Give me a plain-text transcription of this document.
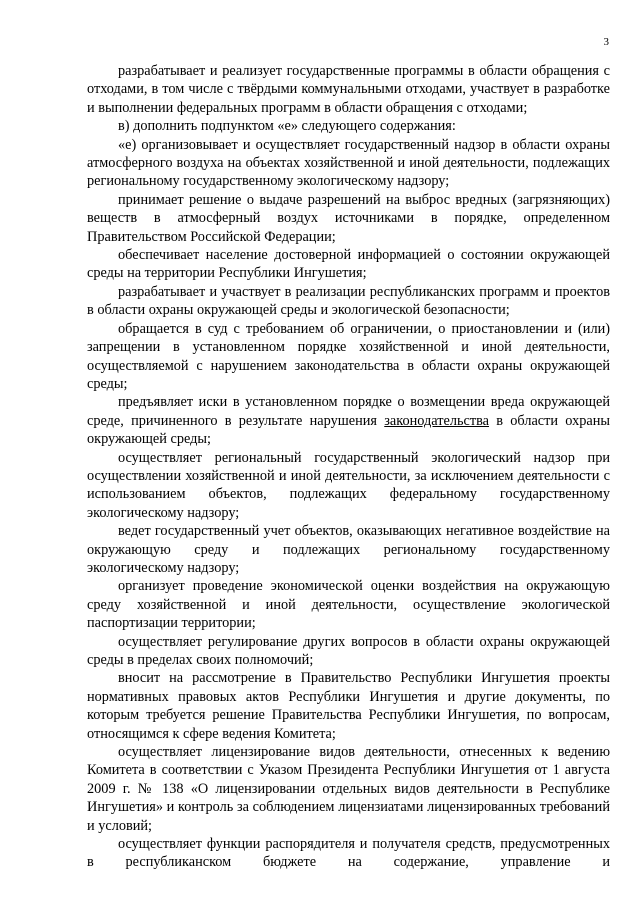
3

разрабатывает и реализует государственные программы в области обращения с отходами, в том числе с твёрдыми коммунальными отходами, участвует в разработке и выполнении федеральных программ в области обращения с отходами;

в) дополнить подпунктом «е» следующего содержания:

«е) организовывает и осуществляет государственный надзор в области охраны атмосферного воздуха на объектах хозяйственной и иной деятельности, подлежащих региональному государственному экологическому надзору;

принимает решение о выдаче разрешений на выброс вредных (загрязняющих) веществ в атмосферный воздух источниками в порядке, определенном Правительством Российской Федерации;

обеспечивает население достоверной информацией о состоянии окружающей среды на территории Республики Ингушетия;

разрабатывает и участвует в реализации республиканских программ и проектов в области охраны окружающей среды и экологической безопасности;

обращается в суд с требованием об ограничении, о приостановлении и (или) запрещении в установленном порядке хозяйственной и иной деятельности, осуществляемой с нарушением законодательства в области охраны окружающей среды;

предъявляет иски в установленном порядке о возмещении вреда окружающей среде, причиненного в результате нарушения законодательства в области охраны окружающей среды;

осуществляет региональный государственный экологический надзор при осуществлении хозяйственной и иной деятельности, за исключением деятельности с использованием объектов, подлежащих федеральному государственному экологическому надзору;

ведет государственный учет объектов, оказывающих негативное воздействие на окружающую среду и подлежащих региональному государственному экологическому надзору;

организует проведение экономической оценки воздействия на окружающую среду хозяйственной и иной деятельности, осуществление экологической паспортизации территории;

осуществляет регулирование других вопросов в области охраны окружающей среды в пределах своих полномочий;

вносит на рассмотрение в Правительство Республики Ингушетия проекты нормативных правовых актов Республики Ингушетия и другие документы, по которым требуется решение Правительства Республики Ингушетия, по вопросам, относящимся к сфере ведения Комитета;

осуществляет лицензирование видов деятельности, отнесенных к ведению Комитета в соответствии с Указом Президента Республики Ингушетия от 1 августа 2009 г. № 138 «О лицензировании отдельных видов деятельности в Республике Ингушетия» и контроль за соблюдением лицензиатами лицензированных требований и условий;

осуществляет функции распорядителя и получателя средств, предусмотренных в республиканском бюджете на содержание, управление и
